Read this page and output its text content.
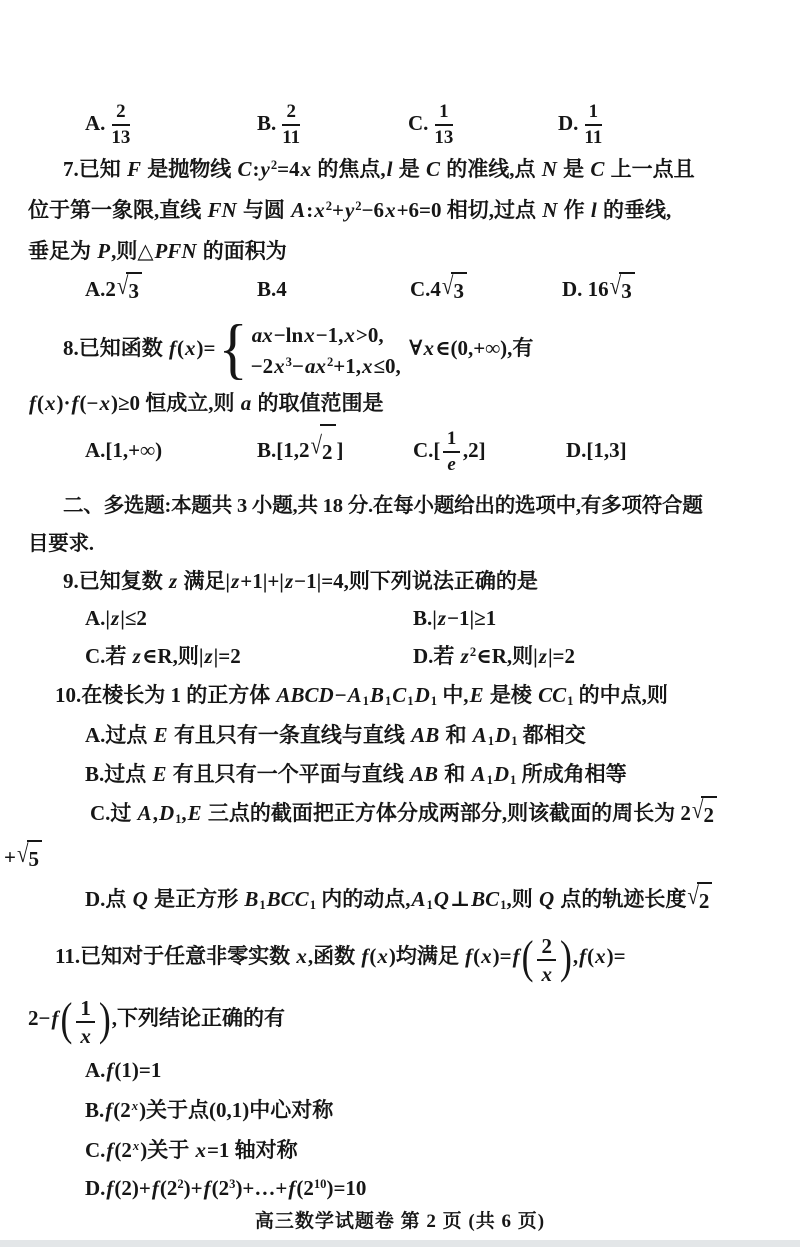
A. $\frac{2}{13}$	B. $\frac{2}{11}$	C. $\frac{1}{13}$	D. $\frac{1}{11}$
7.已知 F 是抛物线 $C:y^2=4x$ 的焦点,l 是 C 的准线,点 N 是 C 上一点且
位于第一象限,直线 FN 与圆 $A:x^2+y^2-6x+6=0$ 相切,过点 N 作 l 的垂线,
垂足为 P,则△PFN 的面积为
A.2 √ 3	B.4	C.4 √ 3	D. 16 √ 3
8.已知函数 f(x)= { ax−lnx−1,x>0,
$-2x^3-ax^2+1,x\le 0$,
∀x∈(0,+∞),有
f(x)·f(−x)≥0 恒成立,则 a 的取值范围是
A.[1,+∞)	B.[1,2 √ 2 ]	$C.[ \frac{1}{e} ,2]$	D.[1,3]
二、多选题:本题共 3 小题,共 18 分.在每小题给出的选项中,有多项符合题
目要求.
9.已知复数 z 满足|z+1|+|z−1|=4,则下列说法正确的是
A.|z|≤2	B.|z−1|≥1
C.若 z∈R,则|z|=2	D.若 $z^2\in R$,则|z|=2
10.在棱长为 1 的正方体 ABCD−A1B1C1D1 中,E 是棱 CC1 的中点,则
A.过点 E 有且只有一条直线与直线 AB 和 A1D1 都相交
B.过点 E 有且只有一个平面与直线 AB 和 A1D1 所成角相等
C.过 A,D1,E 三点的截面把正方体分成两部分,则该截面的周长为 2 √ 2
+ √ 5
D.点 Q 是正方形 B1BCC1 内的动点,A1Q⊥BC1,则 Q 点的轨迹长度 √ 2
11.已知对于任意非零实数 x,函数 f(x)均满足 f(x)=f ( $\frac{2}{x}$ ) ,f(x)=
2−f ( $\frac{1}{x}$ ) ,下列结论正确的有
A.f(1)=1
B.f(2$^x$)关于点(0,1)中心对称
C.f(2$^x$)关于 x=1 轴对称
$D.f(2)+f(2^2)+f(2^3)+\dots+f(2^{10})=10$
高三数学试题卷 第 2 页 (共 6 页)
